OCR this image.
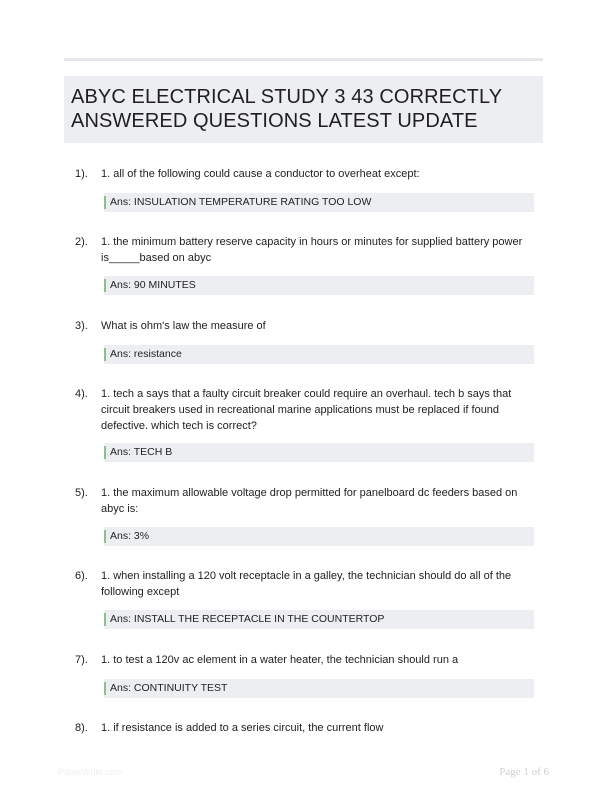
ABYC ELECTRICAL STUDY 3 43 CORRECTLY ANSWERED QUESTIONS LATEST UPDATE
1). 1. all of the following could cause a conductor to overheat except:
Ans: INSULATION TEMPERATURE RATING TOO LOW
2). 1. the minimum battery reserve capacity in hours or minutes for supplied battery power is_____based on abyc
Ans: 90 MINUTES
3). What is ohm's law the measure of
Ans: resistance
4). 1. tech a says that a faulty circuit breaker could require an overhaul. tech b says that circuit breakers used in recreational marine applications must be replaced if found defective. which tech is correct?
Ans: TECH B
5). 1. the maximum allowable voltage drop permitted for panelboard dc feeders based on abyc is:
Ans: 3%
6). 1. when installing a 120 volt receptacle in a galley, the technician should do all of the following except
Ans: INSTALL THE RECEPTACLE IN THE COUNTERTOP
7). 1. to test a 120v ac element in a water heater, the technician should run a
Ans: CONTINUITY TEST
8). 1. if resistance is added to a series circuit, the current flow
PaperWrite.com	Page 1 of 6
